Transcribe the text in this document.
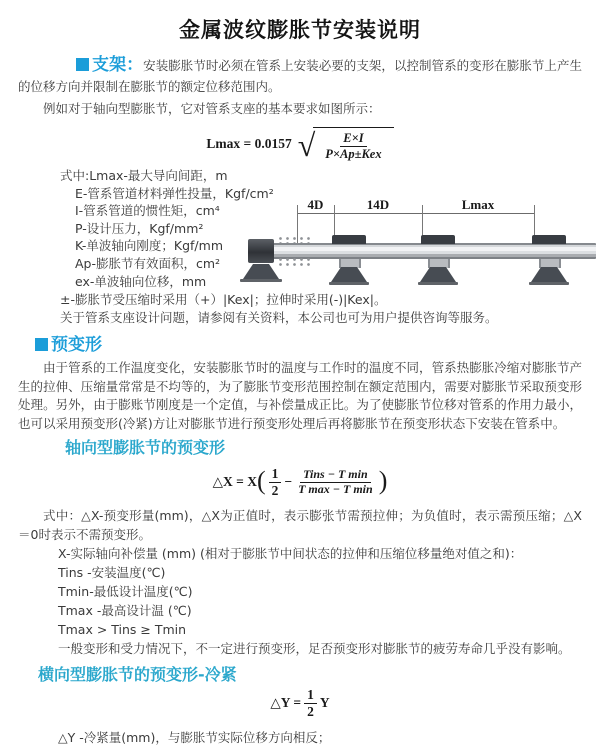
金属波纹膨胀节安装说明

支架：安装膨胀节时必须在管系上安装必要的支架，以控制管系的变形在膨胀节上产生的位移方向并限制在膨胀节的额定位移范围内。

例如对于轴向型膨胀节，它对管系支座的基本要求如图所示：

Lmax = 0.0157 √ $\frac{E\times I}{\text{P×Ap±Kex}}$
式中:Lmax-最大导向间距，m
E-管系管道材料弹性投量，Kgf/cm²
I-管系管道的惯性矩，cm⁴
P-设计压力，Kgf/mm²
K-单波轴向刚度；Kgf/mm
Ap-膨胀节有效面积，cm²
ex-单波轴向位移，mm
4D	14D	Lmax

±-膨胀节受压缩时采用（+）|Kex|；拉伸时采用(-)|Kex|。

关于管系支座设计问题，请参阅有关资料，本公司也可为用户提供咨询等服务。

预变形

由于管系的工作温度变化，安装膨胀节时的温度与工作时的温度不同，管系热膨胀冷缩对膨胀节产生的拉伸、压缩量常常是不均等的，为了膨胀节变形范围控制在额定范围内，需要对膨胀节采取预变形处理。另外，由于膨账节刚度是一个定值，与补偿量成正比。为了使膨胀节位移对管系的作用力最小，也可以采用预变形(冷紧)方让对膨胀节进行预变形处理后再将膨胀节在预变形状态下安装在管系中。

轴向型膨胀节的预变形

△X = X ( $\frac{1}{2} - \frac{\text{Tins − T min}}{\text{T max − T min}}$ )

式中：△X-预变形量(mm)，△X为正值时，表示膨张节需预拉伸；为负值时，表示需预压缩；△X＝0时表示不需预变形。

X-实际轴向补偿量 (mm) (相对于膨胀节中间状态的拉伸和压缩位移量绝对值之和)：

Tins -安装温度(℃)

Tmin-最低设计温度(℃)

Tmax -最高设计温 (℃)

Tmax > Tins ≥ Tmin

一般变形和受力情况下，不一定进行预变形，足否预变形对膨胀节的疲劳寿命几乎没有影响。

横向型膨胀节的预变形-冷紧

△Y = $\frac{1}{2}$ Y

△Y -冷紧量(mm)，与膨胀节实际位移方向相反；
